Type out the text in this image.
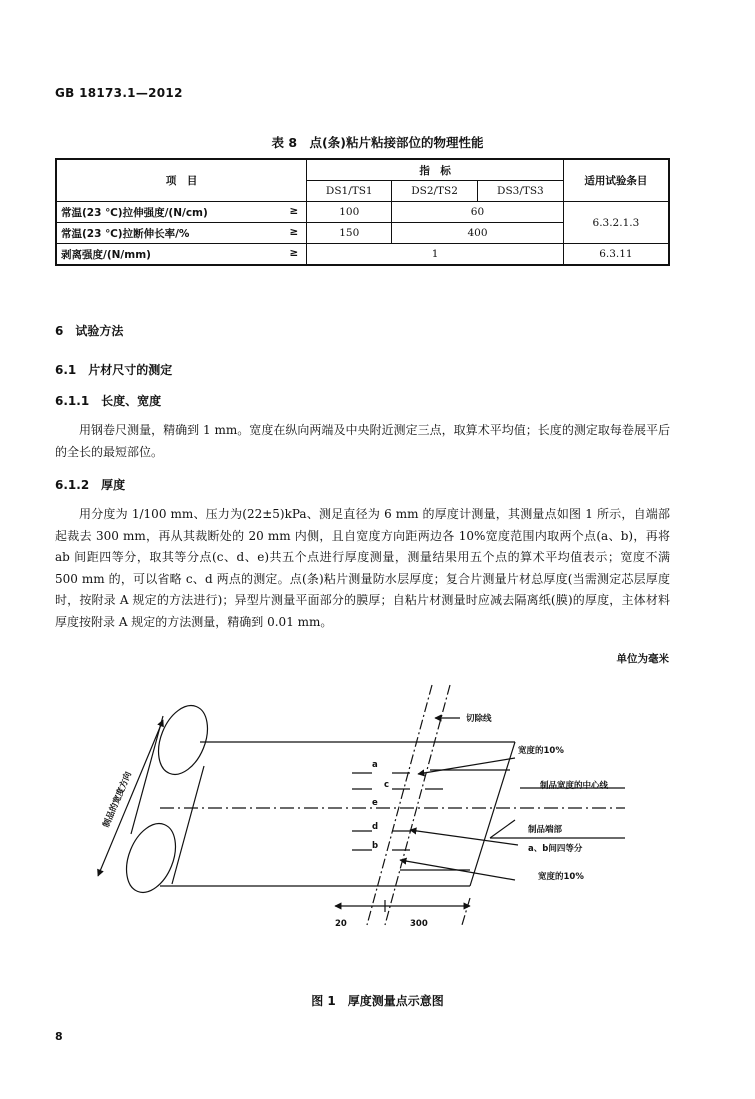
GB 18173.1—2012
表 8　点(条)粘片粘接部位的物理性能
项　目	指　标			适用试验条目
	DS1/TS1	DS2/TS2	DS3/TS3	
常温(23 ℃)拉伸强度/(N/cm) ≥	100	60		6.3.2.1.3
常温(23 ℃)拉断伸长率/% ≥	150	400		
剥离强度/(N/mm) ≥	1			6.3.11
6　试验方法
6.1　片材尺寸的测定
6.1.1　长度、宽度
用钢卷尺测量，精确到 1 mm。宽度在纵向两端及中央附近测定三点，取算术平均值；长度的测定取每卷展平后的全长的最短部位。
6.1.2　厚度
用分度为 1/100 mm、压力为(22±5)kPa、测足直径为 6 mm 的厚度计测量，其测量点如图 1 所示，自端部起裁去 300 mm，再从其裁断处的 20 mm 内侧，且自宽度方向距两边各 10%宽度范围内取两个点(a、b)，再将 ab 间距四等分，取其等分点(c、d、e)共五个点进行厚度测量，测量结果用五个点的算术平均值表示；宽度不满 500 mm 的，可以省略 c、d 两点的测定。点(条)粘片测量防水层厚度；复合片测量片材总厚度(当需测定芯层厚度时，按附录 A 规定的方法进行)；异型片测量平面部分的膜厚；自粘片材测量时应减去隔离纸(膜)的厚度，主体材料厚度按附录 A 规定的方法测量，精确到 0.01 mm。
单位为毫米
切除线
宽度的10%
制品宽度的中心线
制品端部
a、b间四等分
宽度的10%
a
c
e
d
b
20	300
制品的宽度方向
图 1　厚度测量点示意图
8
